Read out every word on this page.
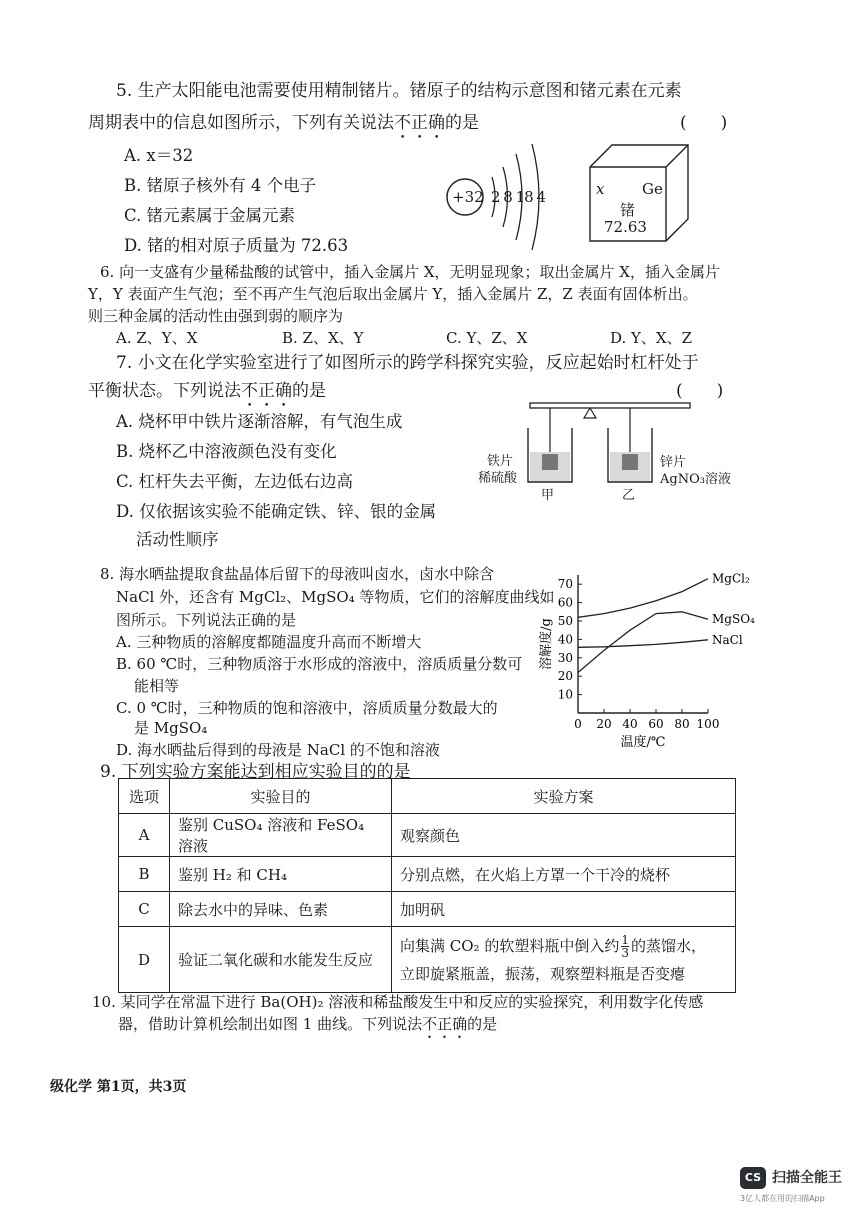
5. 生产太阳能电池需要使用精制锗片。锗原子的结构示意图和锗元素在元素
周期表中的信息如图所示，下列有关说法不正确的是	(　　)
A. x＝32
B. 锗原子核外有 4 个电子
C. 锗元素属于金属元素
D. 锗的相对原子质量为 72.63
+32 2 8 18 4	x	Ge
锗
72.63
6. 向一支盛有少量稀盐酸的试管中，插入金属片 X，无明显现象；取出金属片 X，插入金属片
Y，Y 表面产生气泡；至不再产生气泡后取出金属片 Y，插入金属片 Z，Z 表面有固体析出。
则三种金属的活动性由强到弱的顺序为
A. Z、Y、X	B. Z、X、Y	C. Y、Z、X	D. Y、X、Z
7. 小文在化学实验室进行了如图所示的跨学科探究实验，反应起始时杠杆处于
平衡状态。下列说法不正确的是	(　　)
A. 烧杯甲中铁片逐渐溶解，有气泡生成
B. 烧杯乙中溶液颜色没有变化
C. 杠杆失去平衡，左边低右边高
D. 仅依据该实验不能确定铁、锌、银的金属
活动性顺序
铁片
稀硫酸
锌片
AgNO₃溶液
甲	乙
8. 海水晒盐提取食盐晶体后留下的母液叫卤水，卤水中除含
NaCl 外，还含有 MgCl₂、MgSO₄ 等物质，它们的溶解度曲线如
图所示。下列说法正确的是
A. 三种物质的溶解度都随温度升高而不断增大
B. 60 ℃时，三种物质溶于水形成的溶液中，溶质质量分数可
能相等
C. 0 ℃时，三种物质的饱和溶液中，溶质质量分数最大的
是 MgSO₄
D. 海水晒盐后得到的母液是 NaCl 的不饱和溶液
10
20
30
40
50
60
70
0 20 40 60 80 100
温度/℃
溶解度/g
MgCl₂
MgSO₄
NaCl
9. 下列实验方案能达到相应实验目的的是
选项	实验目的	实验方案
A	鉴别 CuSO₄ 溶液和 FeSO₄ 溶液	观察颜色
B	鉴别 H₂ 和 CH₄	分别点燃，在火焰上方罩一个干冷的烧杯
C	除去水中的异味、色素	加明矾
D	验证二氧化碳和水能发生反应	向集满 CO₂ 的软塑料瓶中倒入约 $\frac{1}{3}$ 的蒸馏水，
立即旋紧瓶盖，振荡，观察塑料瓶是否变瘪
10. 某同学在常温下进行 Ba(OH)₂ 溶液和稀盐酸发生中和反应的实验探究，利用数字化传感
器，借助计算机绘制出如图 1 曲线。下列说法不正确的是
级化学 第1页，共3页
CS 扫描全能王
3亿人都在用的扫描App
